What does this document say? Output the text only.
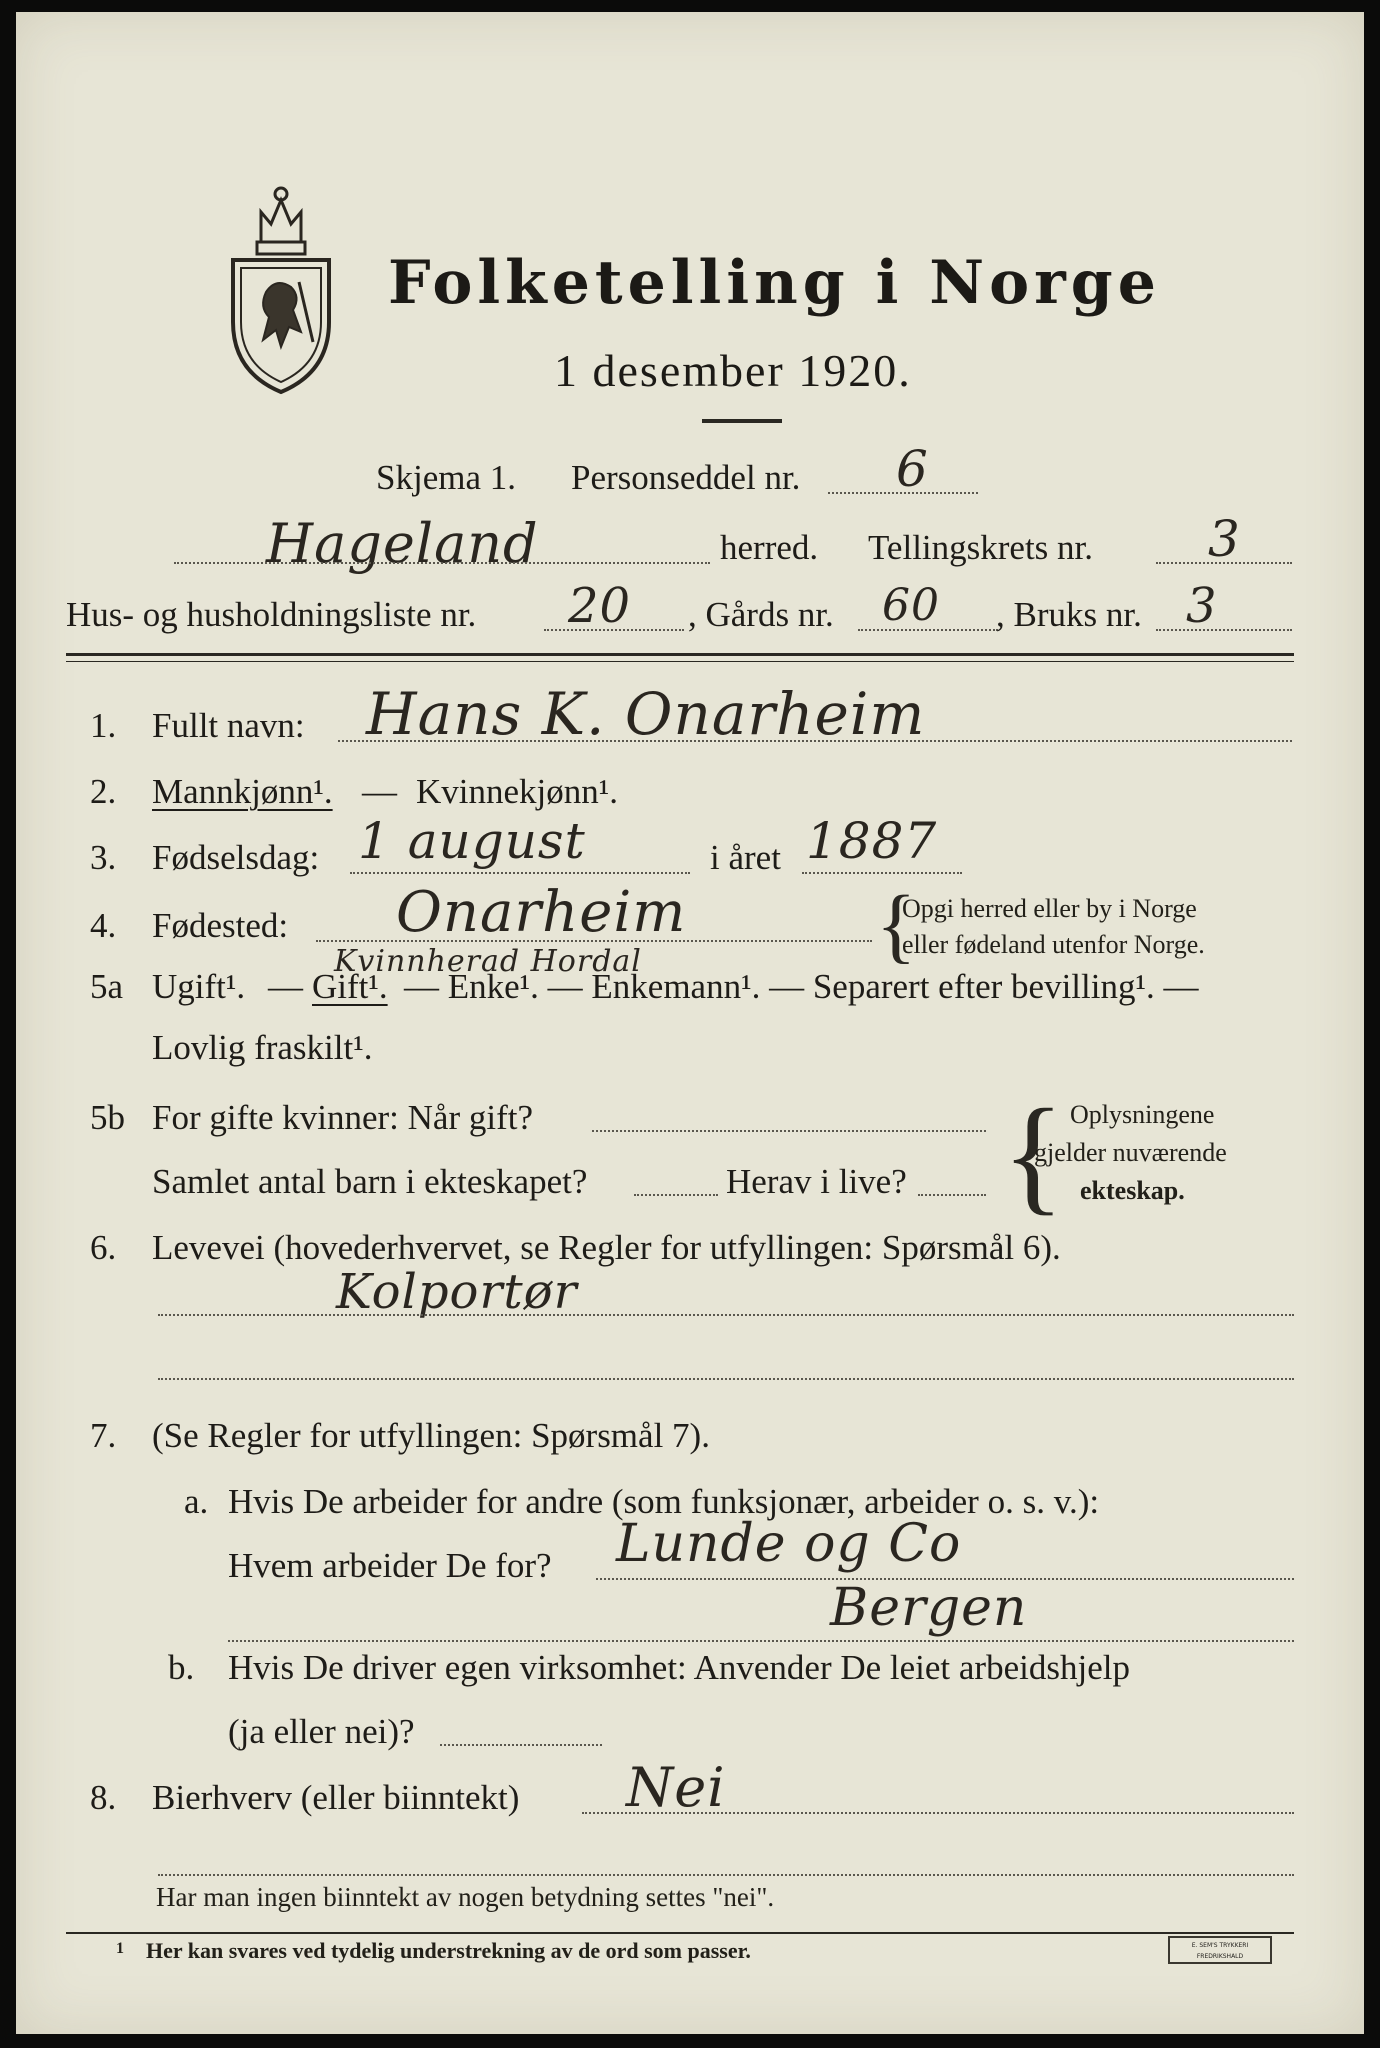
Folketelling i Norge
1 desember 1920.
Skjema 1. Personseddel nr. 6
Hageland	herred. Tellingskrets nr. 3
Hus- og husholdningsliste nr. 20 , Gårds nr. 60 , Bruks nr. 3
1. Fullt navn: Hans K. Onarheim
2. Mannkjønn¹. — Kvinnekjønn¹.
3. Fødselsdag: 1 august	i året 1887
4. Fødested: Onarheim
Kvinnherad Hordal	{
Opgi herred eller by i Norge
eller fødeland utenfor Norge.
5a Ugift¹. — Gift¹. — Enke¹. — Enkemann¹. — Separert efter bevilling¹. —
Lovlig fraskilt¹.
5b For gifte kvinner: Når gift?
Samlet antal barn i ekteskapet?	Herav i live? { Oplysningene
gjelder nuværende
ekteskap.
6. Levevei (hovederhvervet, se Regler for utfyllingen: Spørsmål 6).
Kolportør
7. (Se Regler for utfyllingen: Spørsmål 7).
a. Hvis De arbeider for andre (som funksjonær, arbeider o. s. v.):
Hvem arbeider De for? Lunde og Co
Bergen
b. Hvis De driver egen virksomhet: Anvender De leiet arbeidshjelp
(ja eller nei)?
8. Bierhverv (eller biinntekt) Nei
Har man ingen biinntekt av nogen betydning settes "nei".
1 Her kan svares ved tydelig understrekning av de ord som passer.	E. SEM'S TRYKKERI FREDRIKSHALD
